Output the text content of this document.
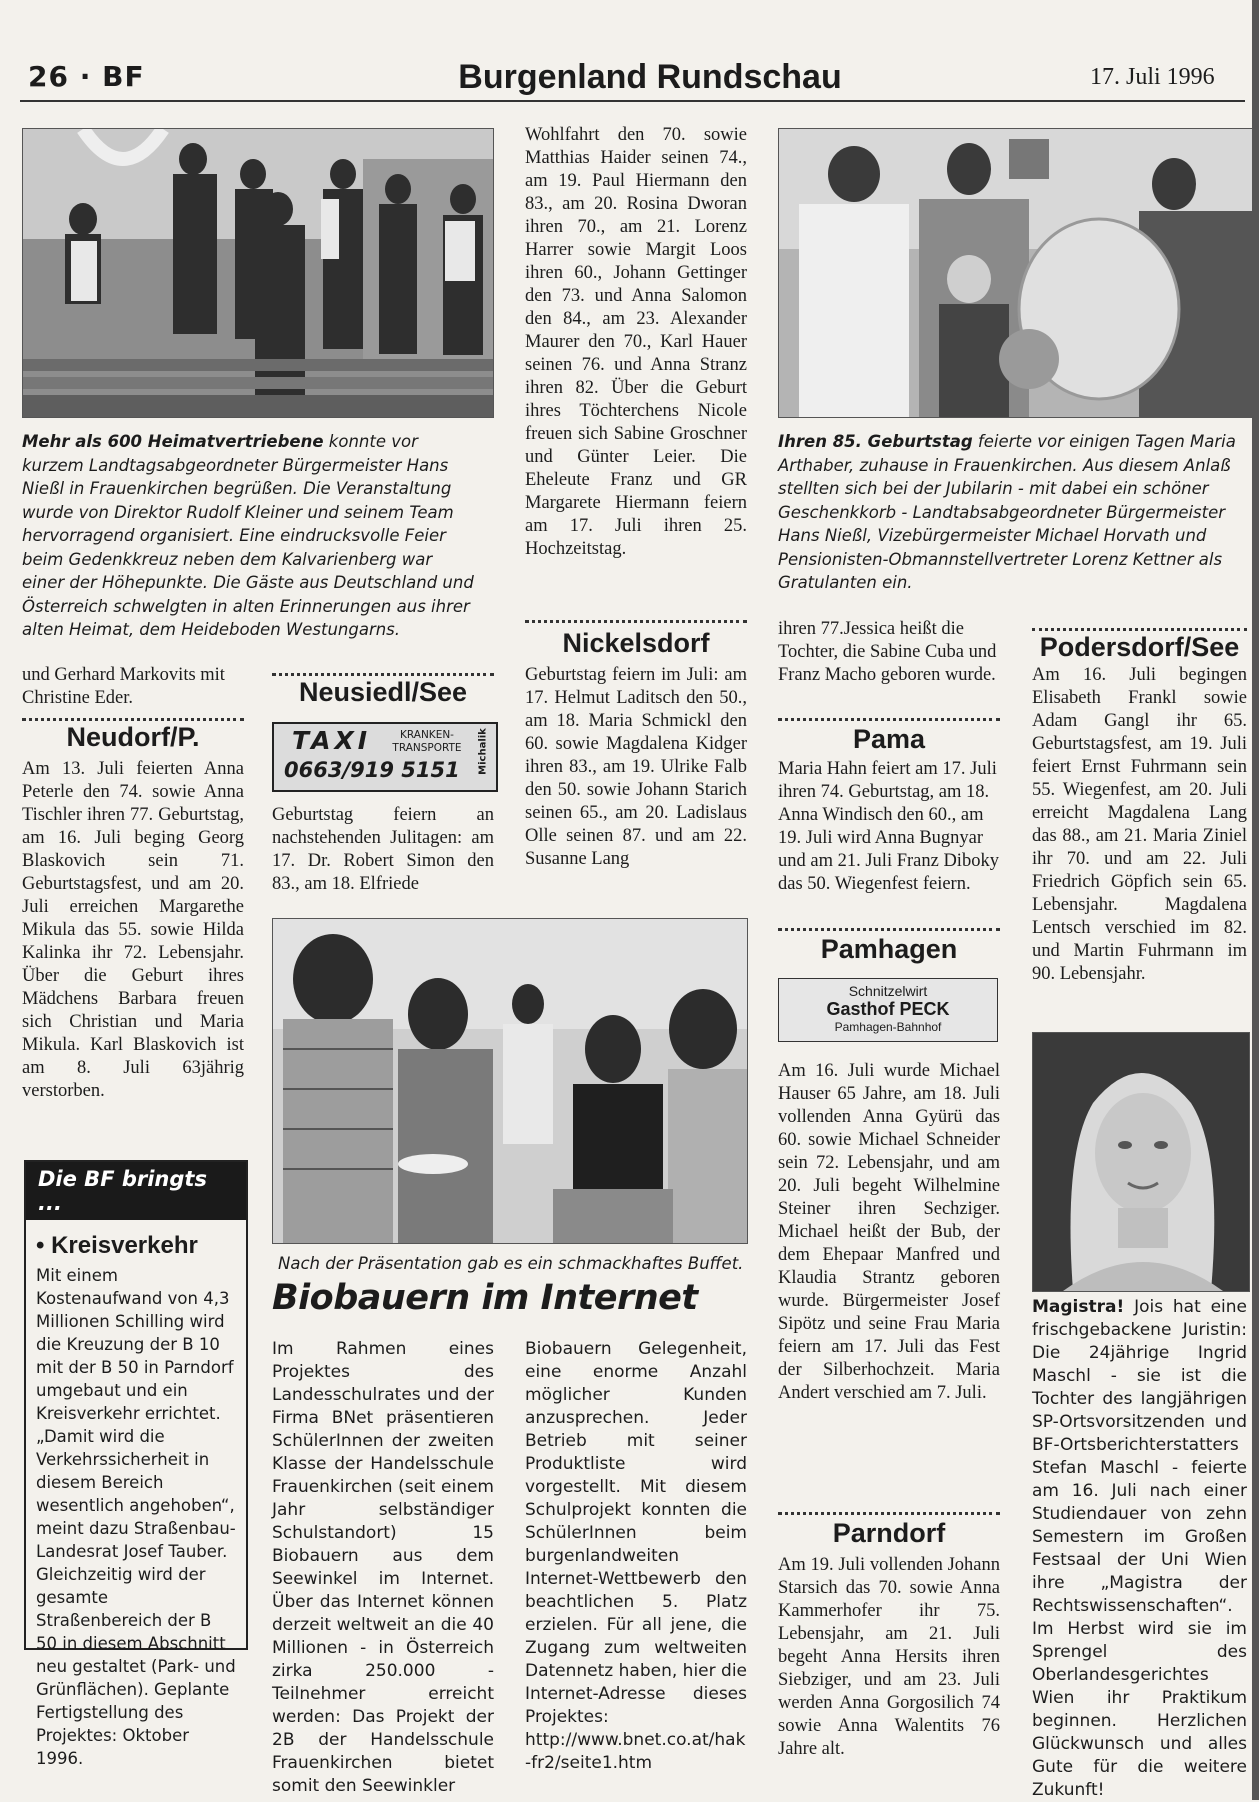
26 · BF	Burgenland Rundschau	17. Juli 1996
Mehr als 600 Heimatvertriebene konnte vor kurzem Landtagsabgeordneter Bürgermeister Hans Nießl in Frauenkirchen begrüßen. Die Veranstaltung wurde von Direktor Rudolf Kleiner und seinem Team hervorragend organisiert. Eine eindrucksvolle Feier beim Gedenkkreuz neben dem Kalvarienberg war einer der Höhepunkte. Die Gäste aus Deutschland und Österreich schwelgten in alten Erinnerungen aus ihrer alten Heimat, dem Heideboden Westungarns.
Wohlfahrt den 70. sowie Matthias Haider seinen 74., am 19. Paul Hiermann den 83., am 20. Rosina Dworan ihren 70., am 21. Lorenz Harrer sowie Margit Loos ihren 60., Johann Gettinger den 73. und Anna Salomon den 84., am 23. Alexander Maurer den 70., Karl Hauer seinen 76. und Anna Stranz ihren 82. Über die Geburt ihres Töchterchens Nicole freuen sich Sabine Groschner und Günter Leier. Die Eheleute Franz und GR Margarete Hiermann feiern am 17. Juli ihren 25. Hochzeitstag.
Ihren 85. Geburtstag feierte vor einigen Tagen Maria Arthaber, zuhause in Frauenkirchen. Aus diesem Anlaß stellten sich bei der Jubilarin - mit dabei ein schöner Geschenkkorb - Landtabsabgeordneter Bürgermeister Hans Nießl, Vizebürgermeister Michael Horvath und Pensionisten-Obmannstellvertreter Lorenz Kettner als Gratulanten ein.
und Gerhard Markovits mit Christine Eder.
Neudorf/P.
Am 13. Juli feierten Anna Peterle den 74. sowie Anna Tischler ihren 77. Geburtstag, am 16. Juli beging Georg Blaskovich sein 71. Geburtstagsfest, und am 20. Juli erreichen Margarethe Mikula das 55. sowie Hilda Kalinka ihr 72. Lebensjahr. Über die Geburt ihres Mädchens Barbara freuen sich Christian und Maria Mikula. Karl Blaskovich ist am 8. Juli 63jährig verstorben.
Neusiedl/See
TAXI	KRANKEN-
TRANSPORTE
0663/919 5151 Michalik
Geburtstag feiern an nachstehenden Julitagen: am 17. Dr. Robert Simon den 83., am 18. Elfriede
Nickelsdorf
Geburtstag feiern im Juli: am 17. Helmut Laditsch den 50., am 18. Maria Schmickl den 60. sowie Magdalena Kidger ihren 83., am 19. Ulrike Falb den 50. sowie Johann Starich seinen 65., am 20. Ladislaus Olle seinen 87. und am 22. Susanne Lang
ihren 77.Jessica heißt die Tochter, die Sabine Cuba und Franz Macho geboren wurde.
Pama
Maria Hahn feiert am 17. Juli ihren 74. Geburtstag, am 18. Anna Windisch den 60., am 19. Juli wird Anna Bugnyar und am 21. Juli Franz Diboky das 50. Wiegenfest feiern.
Pamhagen
Schnitzelwirt
Gasthof PECK
Pamhagen-Bahnhof
Am 16. Juli wurde Michael Hauser 65 Jahre, am 18. Juli vollenden Anna Gyürü das 60. sowie Michael Schneider sein 72. Lebensjahr, und am 20. Juli begeht Wilhelmine Steiner ihren Sechziger. Michael heißt der Bub, der dem Ehepaar Manfred und Klaudia Strantz geboren wurde. Bürgermeister Josef Sipötz und seine Frau Maria feiern am 17. Juli das Fest der Silberhochzeit. Maria Andert verschied am 7. Juli.
Parndorf
Am 19. Juli vollenden Johann Starsich das 70. sowie Anna Kammerhofer ihr 75. Lebensjahr, am 21. Juli begeht Anna Hersits ihren Siebziger, und am 23. Juli werden Anna Gorgosilich 74 sowie Anna Walentits 76 Jahre alt.
Podersdorf/See
Am 16. Juli begingen Elisabeth Frankl sowie Adam Gangl ihr 65. Geburtstagsfest, am 19. Juli feiert Ernst Fuhrmann sein 55. Wiegenfest, am 20. Juli erreicht Magdalena Lang das 88., am 21. Maria Ziniel ihr 70. und am 22. Juli Friedrich Göpfich sein 65. Lebensjahr. Magdalena Lentsch verschied im 82. und Martin Fuhrmann im 90. Lebensjahr.
Magistra! Jois hat eine frischgebackene Juristin: Die 24jährige Ingrid Maschl - sie ist die Tochter des langjährigen SP-Ortsvorsitzenden und BF-Ortsberichterstatters Stefan Maschl - feierte am 16. Juli nach einer Studiendauer von zehn Semestern im Großen Festsaal der Uni Wien ihre „Magistra der Rechtswissenschaften“. Im Herbst wird sie im Sprengel des Oberlandesgerichtes Wien ihr Praktikum beginnen. Herzlichen Glückwunsch und alles Gute für die weitere Zukunft!
Nach der Präsentation gab es ein schmackhaftes Buffet.
Biobauern im Internet
Im Rahmen eines Projektes des Landesschulrates und der Firma BNet präsentieren SchülerInnen der zweiten Klasse der Handelsschule Frauenkirchen (seit einem Jahr selbständiger Schulstandort) 15 Biobauern aus dem Seewinkel im Internet. Über das Internet können derzeit weltweit an die 40 Millionen - in Österreich zirka 250.000 - Teilnehmer erreicht werden: Das Projekt der 2B der Handelsschule Frauenkirchen bietet somit den Seewinkler
Biobauern Gelegenheit, eine enorme Anzahl möglicher Kunden anzusprechen. Jeder Betrieb mit seiner Produktliste wird vorgestellt. Mit diesem Schulprojekt konnten die SchülerInnen beim burgenlandweiten Internet-Wettbewerb den beachtlichen 5. Platz erzielen. Für all jene, die Zugang zum weltweiten Datennetz haben, hier die Internet-Adresse dieses Projektes:
http://www.bnet.co.at/hak-fr2/seite1.htm
Die BF bringts ...
• Kreisverkehr
Mit einem Kostenaufwand von 4,3 Millionen Schilling wird die Kreuzung der B 10 mit der B 50 in Parndorf umgebaut und ein Kreisverkehr errichtet. „Damit wird die Verkehrssicherheit in diesem Bereich wesentlich angehoben“, meint dazu Straßenbau-Landesrat Josef Tauber. Gleichzeitig wird der gesamte Straßenbereich der B 50 in diesem Abschnitt neu gestaltet (Park- und Grünflächen). Geplante Fertigstellung des Projektes: Oktober 1996.
